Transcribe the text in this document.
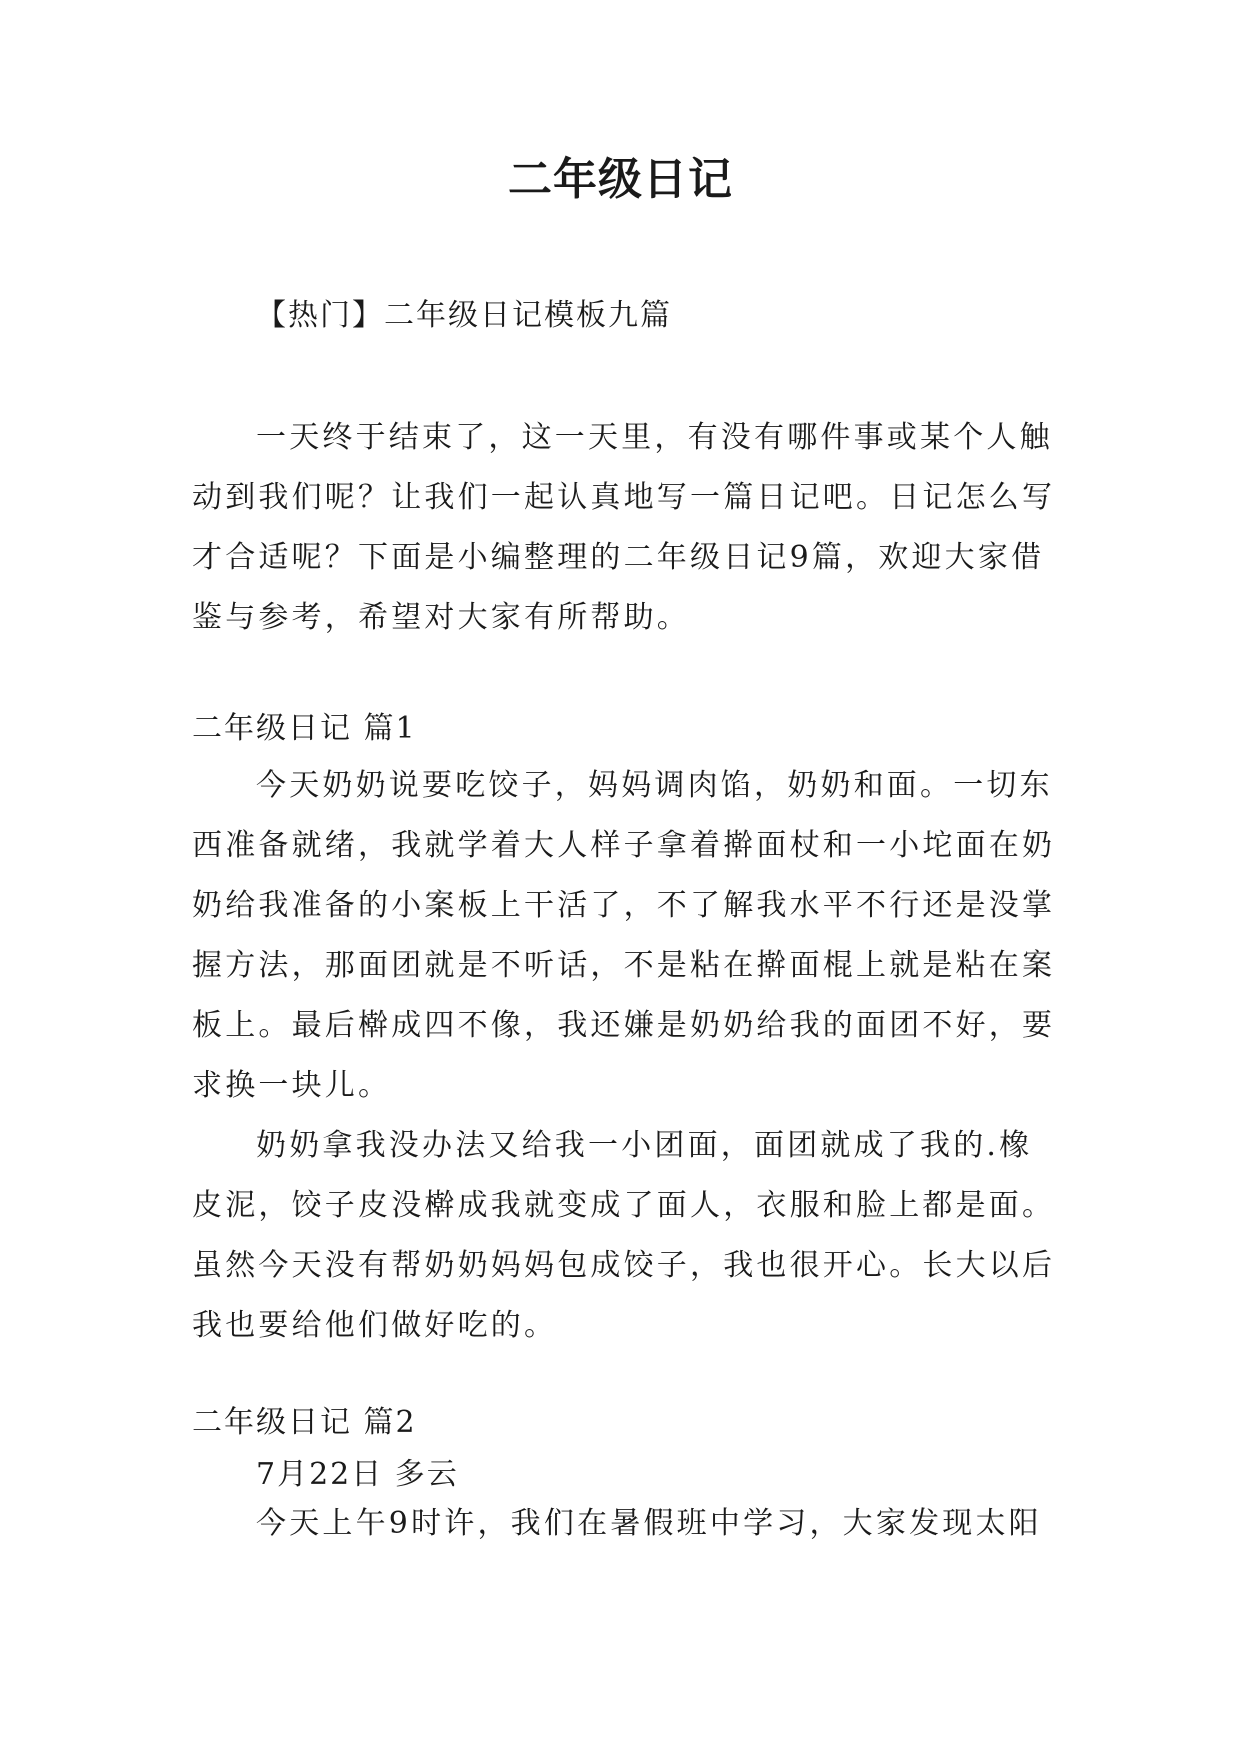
二年级日记

【热门】二年级日记模板九篇

一天终于结束了，这一天里，有没有哪件事或某个人触动到我们呢？让我们一起认真地写一篇日记吧。日记怎么写才合适呢？下面是小编整理的二年级日记9篇，欢迎大家借鉴与参考，希望对大家有所帮助。

二年级日记 篇1

今天奶奶说要吃饺子，妈妈调肉馅，奶奶和面。一切东西准备就绪，我就学着大人样子拿着擀面杖和一小坨面在奶奶给我准备的小案板上干活了，不了解我水平不行还是没掌握方法，那面团就是不听话，不是粘在擀面棍上就是粘在案板上。最后檊成四不像，我还嫌是奶奶给我的面团不好，要求换一块儿。

奶奶拿我没办法又给我一小团面，面团就成了我的.橡皮泥，饺子皮没檊成我就变成了面人，衣服和脸上都是面。虽然今天没有帮奶奶妈妈包成饺子，我也很开心。长大以后我也要给他们做好吃的。

二年级日记 篇2

7月22日 多云

今天上午9时许，我们在暑假班中学习，大家发现太阳
